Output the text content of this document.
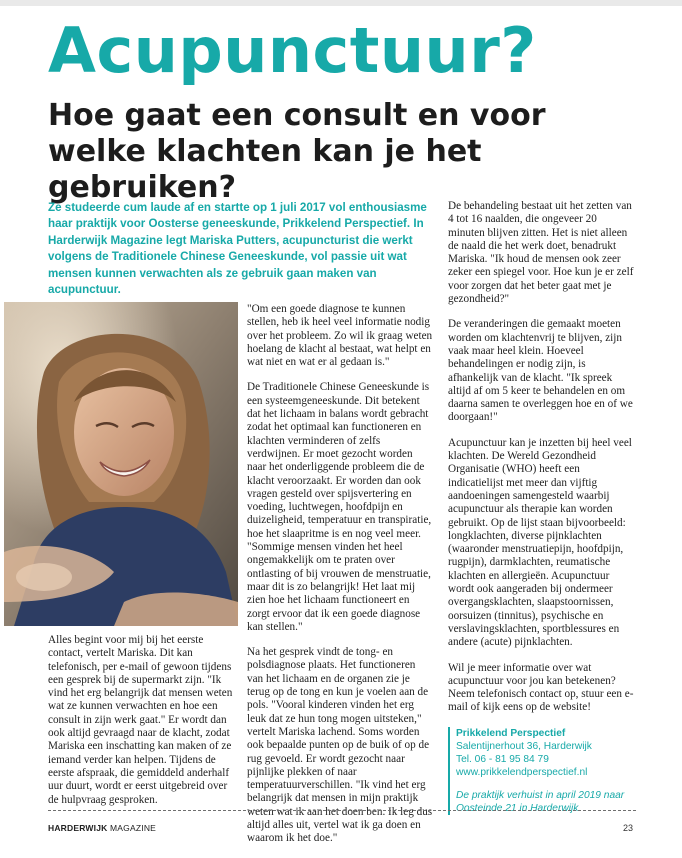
Acupunctuur?
Hoe gaat een consult en voor welke klachten kan je het gebruiken?
Ze studeerde cum laude af en startte op 1 juli 2017 vol enthousiasme haar praktijk voor Oosterse geneeskunde, Prikkelend Perspectief. In Harderwijk Magazine legt Mariska Putters, acupuncturist die werkt volgens de Traditionele Chinese Geneeskunde, vol passie uit wat mensen kunnen verwachten als ze gebruik gaan maken van acupunctuur.

Alles begint voor mij bij het eerste contact, vertelt Mariska. Dit kan telefonisch, per e-mail of gewoon tijdens een gesprek bij de supermarkt zijn. "Ik vind het erg belangrijk dat mensen weten wat ze kunnen verwachten en hoe een consult in zijn werk gaat." Er wordt dan ook altijd gevraagd naar de klacht, zodat Mariska een inschatting kan maken of ze iemand verder kan helpen. Tijdens de eerste afspraak, die gemiddeld anderhalf uur duurt, wordt er eerst uitgebreid over de hulpvraag gesproken.

"Om een goede diagnose te kunnen stellen, heb ik heel veel informatie nodig over het probleem. Zo wil ik graag weten hoelang de klacht al bestaat, wat helpt en wat niet en wat er al gedaan is."

De Traditionele Chinese Geneeskunde is een systeemgeneeskunde. Dit betekent dat het lichaam in balans wordt gebracht zodat het optimaal kan functioneren en klachten verminderen of zelfs verdwijnen. Er moet gezocht worden naar het onderliggende probleem die de klacht veroorzaakt. Er worden dan ook vragen gesteld over spijsvertering en voeding, luchtwegen, hoofdpijn en duizeligheid, temperatuur en transpiratie, hoe het slaapritme is en nog veel meer. "Sommige mensen vinden het heel ongemakkelijk om te praten over ontlasting of bij vrouwen de menstruatie, maar dit is zo belangrijk! Het laat mij zien hoe het lichaam functioneert en zorgt ervoor dat ik een goede diagnose kan stellen."

Na het gesprek vindt de tong- en polsdiagnose plaats. Het functioneren van het lichaam en de organen zie je terug op de tong en kun je voelen aan de pols. "Vooral kinderen vinden het erg leuk dat ze hun tong mogen uitsteken," vertelt Mariska lachend. Soms worden ook bepaalde punten op de buik of op de rug gevoeld. Er wordt gezocht naar pijnlijke plekken of naar temperatuurverschillen. "Ik vind het erg belangrijk dat mensen in mijn praktijk weten wat ik aan het doen ben. Ik leg dus altijd alles uit, vertel wat ik ga doen en waarom ik het doe."

De behandeling bestaat uit het zetten van 4 tot 16 naalden, die ongeveer 20 minuten blijven zitten. Het is niet alleen de naald die het werk doet, benadrukt Mariska. "Ik houd de mensen ook zeer zeker een spiegel voor. Hoe kun je er zelf voor zorgen dat het beter gaat met je gezondheid?"

De veranderingen die gemaakt moeten worden om klachtenvrij te blijven, zijn vaak maar heel klein. Hoeveel behandelingen er nodig zijn, is afhankelijk van de klacht. "Ik spreek altijd af om 5 keer te behandelen en om daarna samen te overleggen hoe en of we doorgaan!"

Acupunctuur kan je inzetten bij heel veel klachten. De Wereld Gezondheid Organisatie (WHO) heeft een indicatielijst met meer dan vijftig aandoeningen samengesteld waarbij acupunctuur als therapie kan worden gebruikt. Op de lijst staan bijvoorbeeld: longklachten, diverse pijnklachten (waaronder menstruatiepijn, hoofdpijn, rugpijn), darmklachten, reumatische klachten en allergieën. Acupunctuur wordt ook aangeraden bij ondermeer overgangsklachten, slaapstoornissen, oorsuizen (tinnitus), psychische en verslavingsklachten, sportblessures en andere (acute) pijnklachten.

Wil je meer informatie over wat acupunctuur voor jou kan betekenen? Neem telefonisch contact op, stuur een e-mail of kijk eens op de website!

Prikkelend Perspectief
Salentijnerhout 36, Harderwijk
Tel. 06 - 81 95 84 79
www.prikkelendperspectief.nl
De praktijk verhuist in april 2019 naar Oosteinde 21 in Harderwijk
HARDERWIJK MAGAZINE	23
